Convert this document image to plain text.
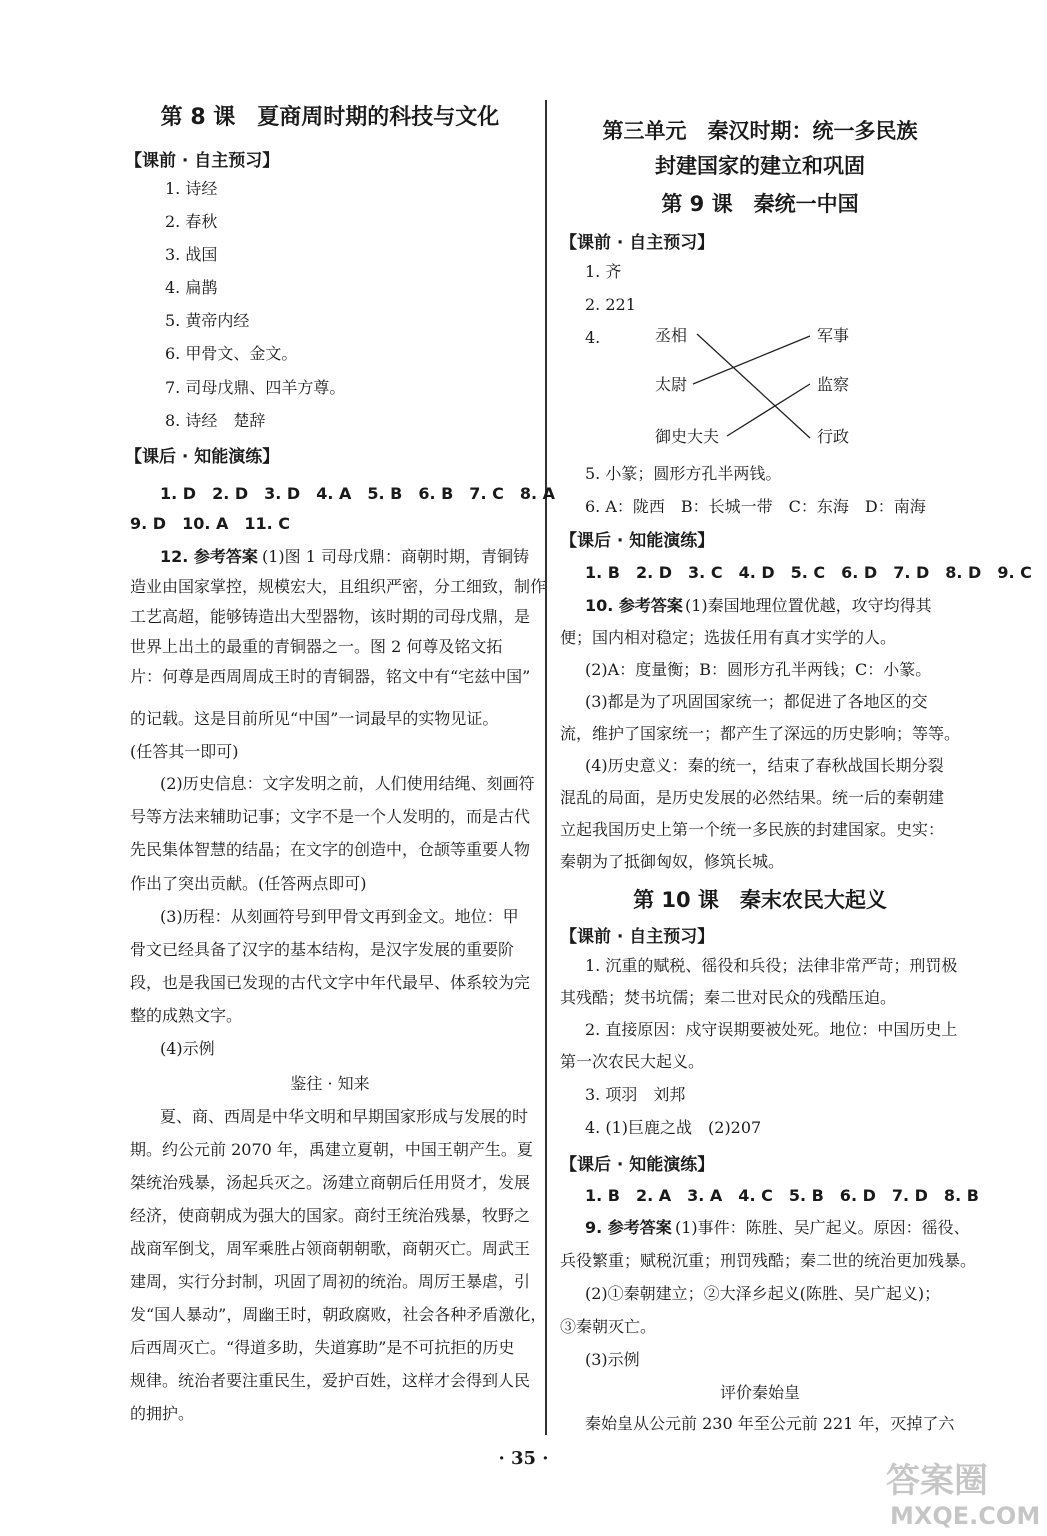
第 8 课　夏商周时期的科技与文化
【课前 · 自主预习】
1. 诗经
2. 春秋
3. 战国
4. 扁鹊
5. 黄帝内经
6. 甲骨文、金文。
7. 司母戊鼎、四羊方尊。
8. 诗经　楚辞
【课后 · 知能演练】
1. D　2. D　3. D　4. A　5. B　6. B　7. C　8. A
9. D　10. A　11. C
12. 参考答案 (1)图 1 司母戊鼎：商朝时期，青铜铸
造业由国家掌控，规模宏大，且组织严密，分工细致，制作
工艺高超，能够铸造出大型器物，该时期的司母戊鼎，是
世界上出土的最重的青铜器之一。图 2 何尊及铭文拓
片：何尊是西周周成王时的青铜器，铭文中有“宅兹中国”
的记载。这是目前所见“中国”一词最早的实物见证。
(任答其一即可)
(2)历史信息：文字发明之前，人们使用结绳、刻画符
号等方法来辅助记事；文字不是一个人发明的，而是古代
先民集体智慧的结晶；在文字的创造中，仓颉等重要人物
作出了突出贡献。(任答两点即可)
(3)历程：从刻画符号到甲骨文再到金文。地位：甲
骨文已经具备了汉字的基本结构，是汉字发展的重要阶
段，也是我国已发现的古代文字中年代最早、体系较为完
整的成熟文字。
(4)示例
鉴往 · 知来
夏、商、西周是中华文明和早期国家形成与发展的时
期。约公元前 2070 年，禹建立夏朝，中国王朝产生。夏
桀统治残暴，汤起兵灭之。汤建立商朝后任用贤才，发展
经济，使商朝成为强大的国家。商纣王统治残暴，牧野之
战商军倒戈，周军乘胜占领商朝朝歌，商朝灭亡。周武王
建周，实行分封制，巩固了周初的统治。周厉王暴虐，引
发“国人暴动”，周幽王时，朝政腐败，社会各种矛盾激化，
后西周灭亡。“得道多助，失道寡助”是不可抗拒的历史
规律。统治者要注重民生，爱护百姓，这样才会得到人民
的拥护。
第三单元　秦汉时期：统一多民族
封建国家的建立和巩固
第 9 课　秦统一中国
【课前 · 自主预习】
1. 齐
2. 221
4.	丞相
太尉
御史大夫
军事
监察
行政
5. 小篆；圆形方孔半两钱。
6. A：陇西　B：长城一带　C：东海　D：南海
【课后 · 知能演练】
1. B　2. D　3. C　4. D　5. C　6. D　7. D　8. D　9. C
10. 参考答案 (1)秦国地理位置优越，攻守均得其
便；国内相对稳定；选拔任用有真才实学的人。
(2)A：度量衡；B：圆形方孔半两钱；C：小篆。
(3)都是为了巩固国家统一；都促进了各地区的交
流，维护了国家统一；都产生了深远的历史影响；等等。
(4)历史意义：秦的统一，结束了春秋战国长期分裂
混乱的局面，是历史发展的必然结果。统一后的秦朝建
立起我国历史上第一个统一多民族的封建国家。史实：
秦朝为了抵御匈奴，修筑长城。
第 10 课　秦末农民大起义
【课前 · 自主预习】
1. 沉重的赋税、徭役和兵役；法律非常严苛；刑罚极
其残酷；焚书坑儒；秦二世对民众的残酷压迫。
2. 直接原因：戍守误期要被处死。地位：中国历史上
第一次农民大起义。
3. 项羽　刘邦
4. (1)巨鹿之战　(2)207
【课后 · 知能演练】
1. B　2. A　3. A　4. C　5. B　6. D　7. D　8. B
9. 参考答案 (1)事件：陈胜、吴广起义。原因：徭役、
兵役繁重；赋税沉重；刑罚残酷；秦二世的统治更加残暴。
(2)①秦朝建立；②大泽乡起义(陈胜、吴广起义)；
③秦朝灭亡。
(3)示例
评价秦始皇
秦始皇从公元前 230 年至公元前 221 年，灭掉了六
· 35 ·
答案圈
MXQE.COM
